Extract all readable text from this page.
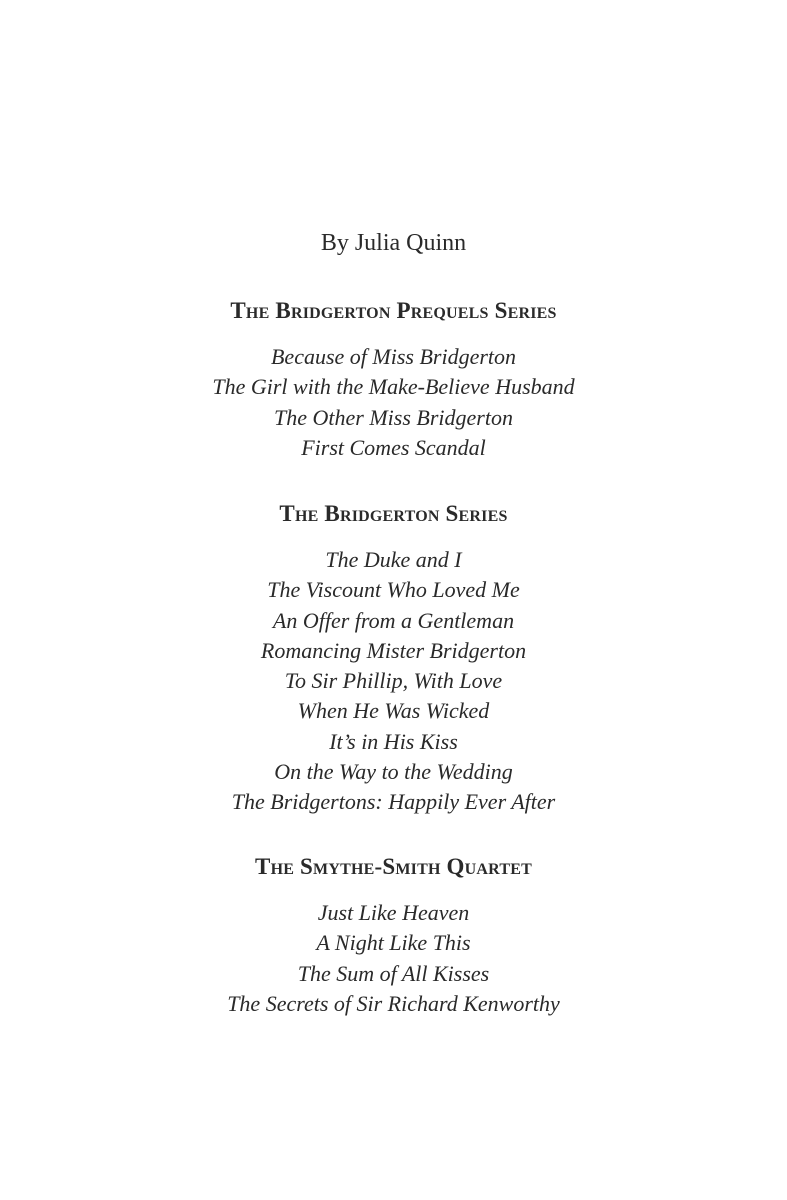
By Julia Quinn
The Bridgerton Prequels Series
Because of Miss Bridgerton
The Girl with the Make-Believe Husband
The Other Miss Bridgerton
First Comes Scandal
The Bridgerton Series
The Duke and I
The Viscount Who Loved Me
An Offer from a Gentleman
Romancing Mister Bridgerton
To Sir Phillip, With Love
When He Was Wicked
It’s in His Kiss
On the Way to the Wedding
The Bridgertons: Happily Ever After
The Smythe-Smith Quartet
Just Like Heaven
A Night Like This
The Sum of All Kisses
The Secrets of Sir Richard Kenworthy
